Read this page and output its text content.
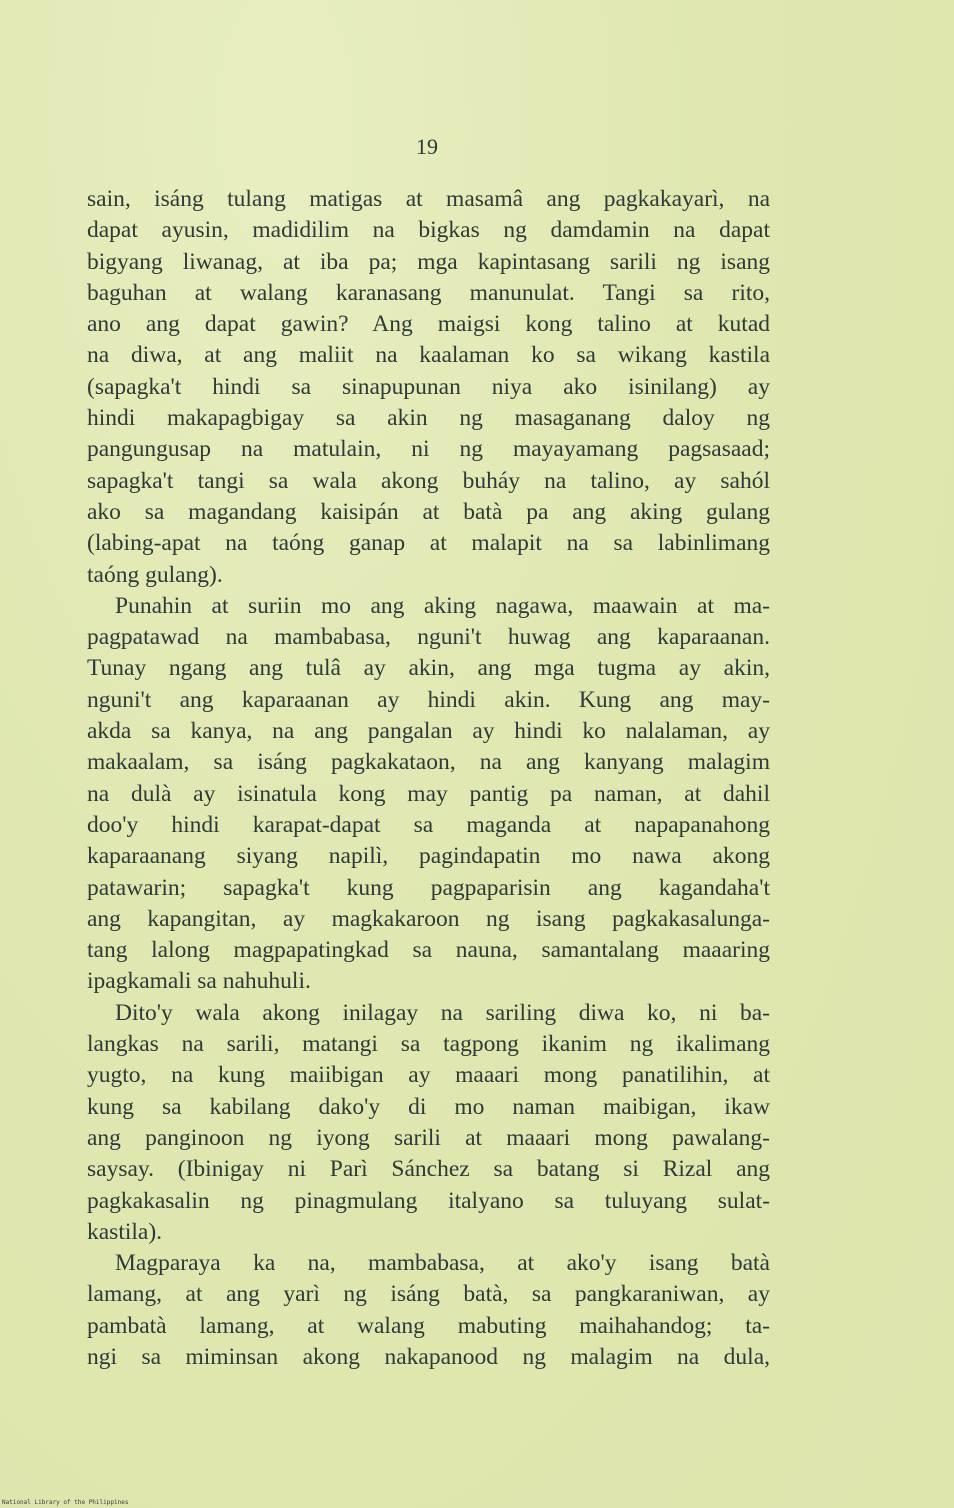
19
sain, isáng tulang matigas at masamâ ang pagkakayarì, na
dapat ayusin, madidilim na bigkas ng damdamin na dapat
bigyang liwanag, at iba pa; mga kapintasang sarili ng isang
baguhan at walang karanasang manunulat. Tangi sa rito,
ano ang dapat gawin? Ang maigsi kong talino at kutad
na diwa, at ang maliit na kaalaman ko sa wikang kastila
(sapagka't hindi sa sinapupunan niya ako isinilang) ay
hindi makapagbigay sa akin ng masaganang daloy ng
pangungusap na matulain, ni ng mayayamang pagsasaad;
sapagka't tangi sa wala akong buháy na talino, ay sahól
ako sa magandang kaisipán at batà pa ang aking gulang
(labing-apat na taóng ganap at malapit na sa labinlimang
taóng gulang).
Punahin at suriin mo ang aking nagawa, maawain at ma-
pagpatawad na mambabasa, nguni't huwag ang kaparaanan.
Tunay ngang ang tulâ ay akin, ang mga tugma ay akin,
nguni't ang kaparaanan ay hindi akin. Kung ang may-
akda sa kanya, na ang pangalan ay hindi ko nalalaman, ay
makaalam, sa isáng pagkakataon, na ang kanyang malagim
na dulà ay isinatula kong may pantig pa naman, at dahil
doo'y hindi karapat-dapat sa maganda at napapanahong
kaparaanang siyang napilì, pagindapatin mo nawa akong
patawarin; sapagka't kung pagpaparisin ang kagandaha't
ang kapangitan, ay magkakaroon ng isang pagkakasalunga-
tang lalong magpapatingkad sa nauna, samantalang maaaring
ipagkamali sa nahuhuli.
Dito'y wala akong inilagay na sariling diwa ko, ni ba-
langkas na sarili, matangi sa tagpong ikanim ng ikalimang
yugto, na kung maiibigan ay maaari mong panatilihin, at
kung sa kabilang dako'y di mo naman maibigan, ikaw
ang panginoon ng iyong sarili at maaari mong pawalang-
saysay. (Ibinigay ni Parì Sánchez sa batang si Rizal ang
pagkakasalin ng pinagmulang italyano sa tuluyang sulat-
kastila).
Magparaya ka na, mambabasa, at ako'y isang batà
lamang, at ang yarì ng isáng batà, sa pangkaraniwan, ay
pambatà lamang, at walang mabuting maihahandog; ta-
ngi sa miminsan akong nakapanood ng malagim na dula,
National Library of the Philippines
